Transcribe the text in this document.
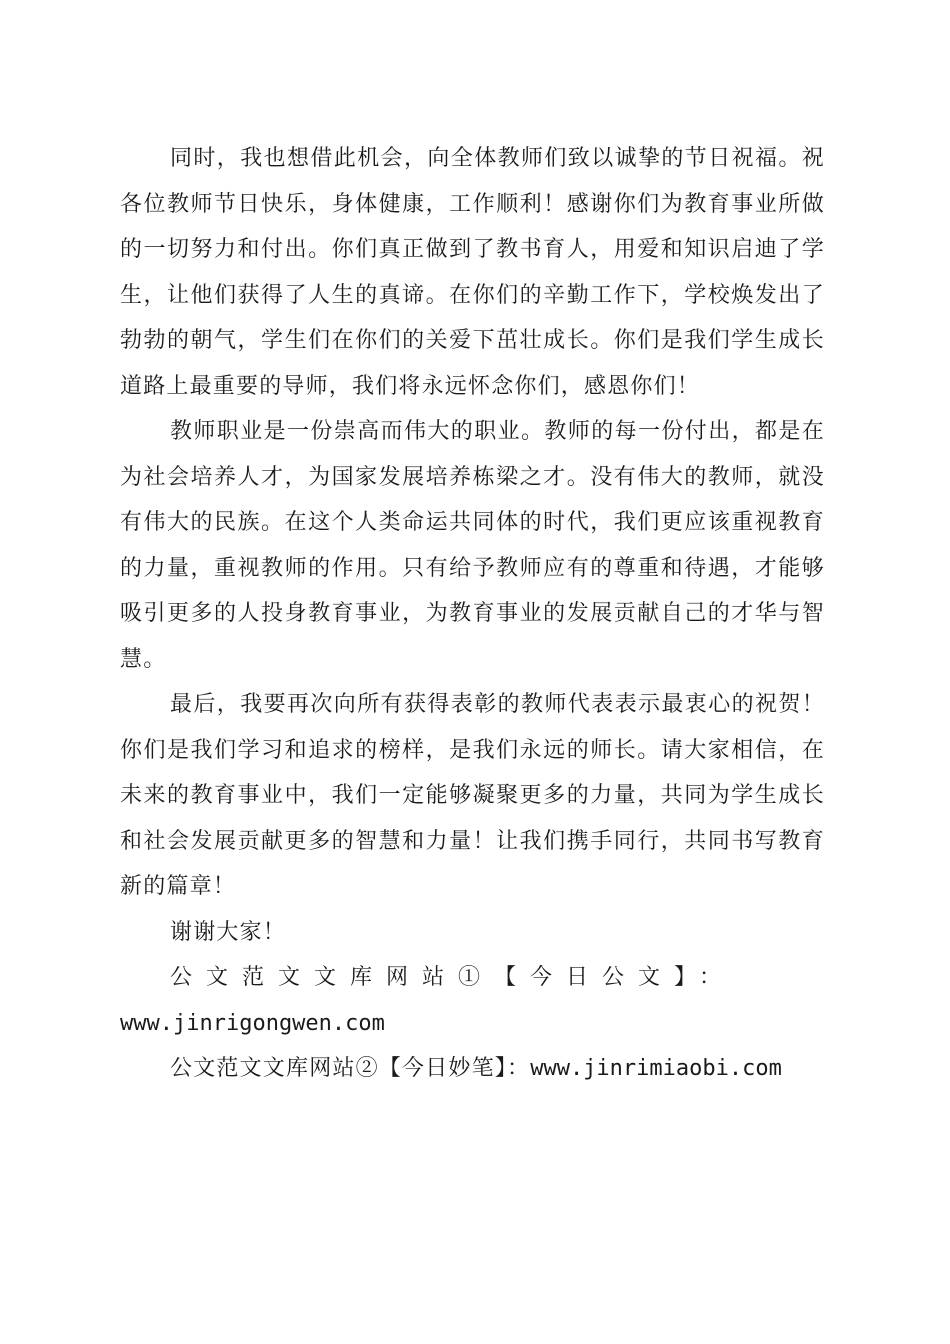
同时，我也想借此机会，向全体教师们致以诚挚的节日祝福。祝各位教师节日快乐，身体健康，工作顺利！感谢你们为教育事业所做的一切努力和付出。你们真正做到了教书育人，用爱和知识启迪了学生，让他们获得了人生的真谛。在你们的辛勤工作下，学校焕发出了勃勃的朝气，学生们在你们的关爱下茁壮成长。你们是我们学生成长道路上最重要的导师，我们将永远怀念你们，感恩你们！

教师职业是一份崇高而伟大的职业。教师的每一份付出，都是在为社会培养人才，为国家发展培养栋梁之才。没有伟大的教师，就没有伟大的民族。在这个人类命运共同体的时代，我们更应该重视教育的力量，重视教师的作用。只有给予教师应有的尊重和待遇，才能够吸引更多的人投身教育事业，为教育事业的发展贡献自己的才华与智慧。

最后，我要再次向所有获得表彰的教师代表表示最衷心的祝贺！你们是我们学习和追求的榜样，是我们永远的师长。请大家相信，在未来的教育事业中，我们一定能够凝聚更多的力量，共同为学生成长和社会发展贡献更多的智慧和力量！让我们携手同行，共同书写教育新的篇章！

谢谢大家！

公文范文文库网站①【今日公文】：
www.jinrigongwen.com
公文范文文库网站②【今日妙笔】：www.jinrimiaobi.com
